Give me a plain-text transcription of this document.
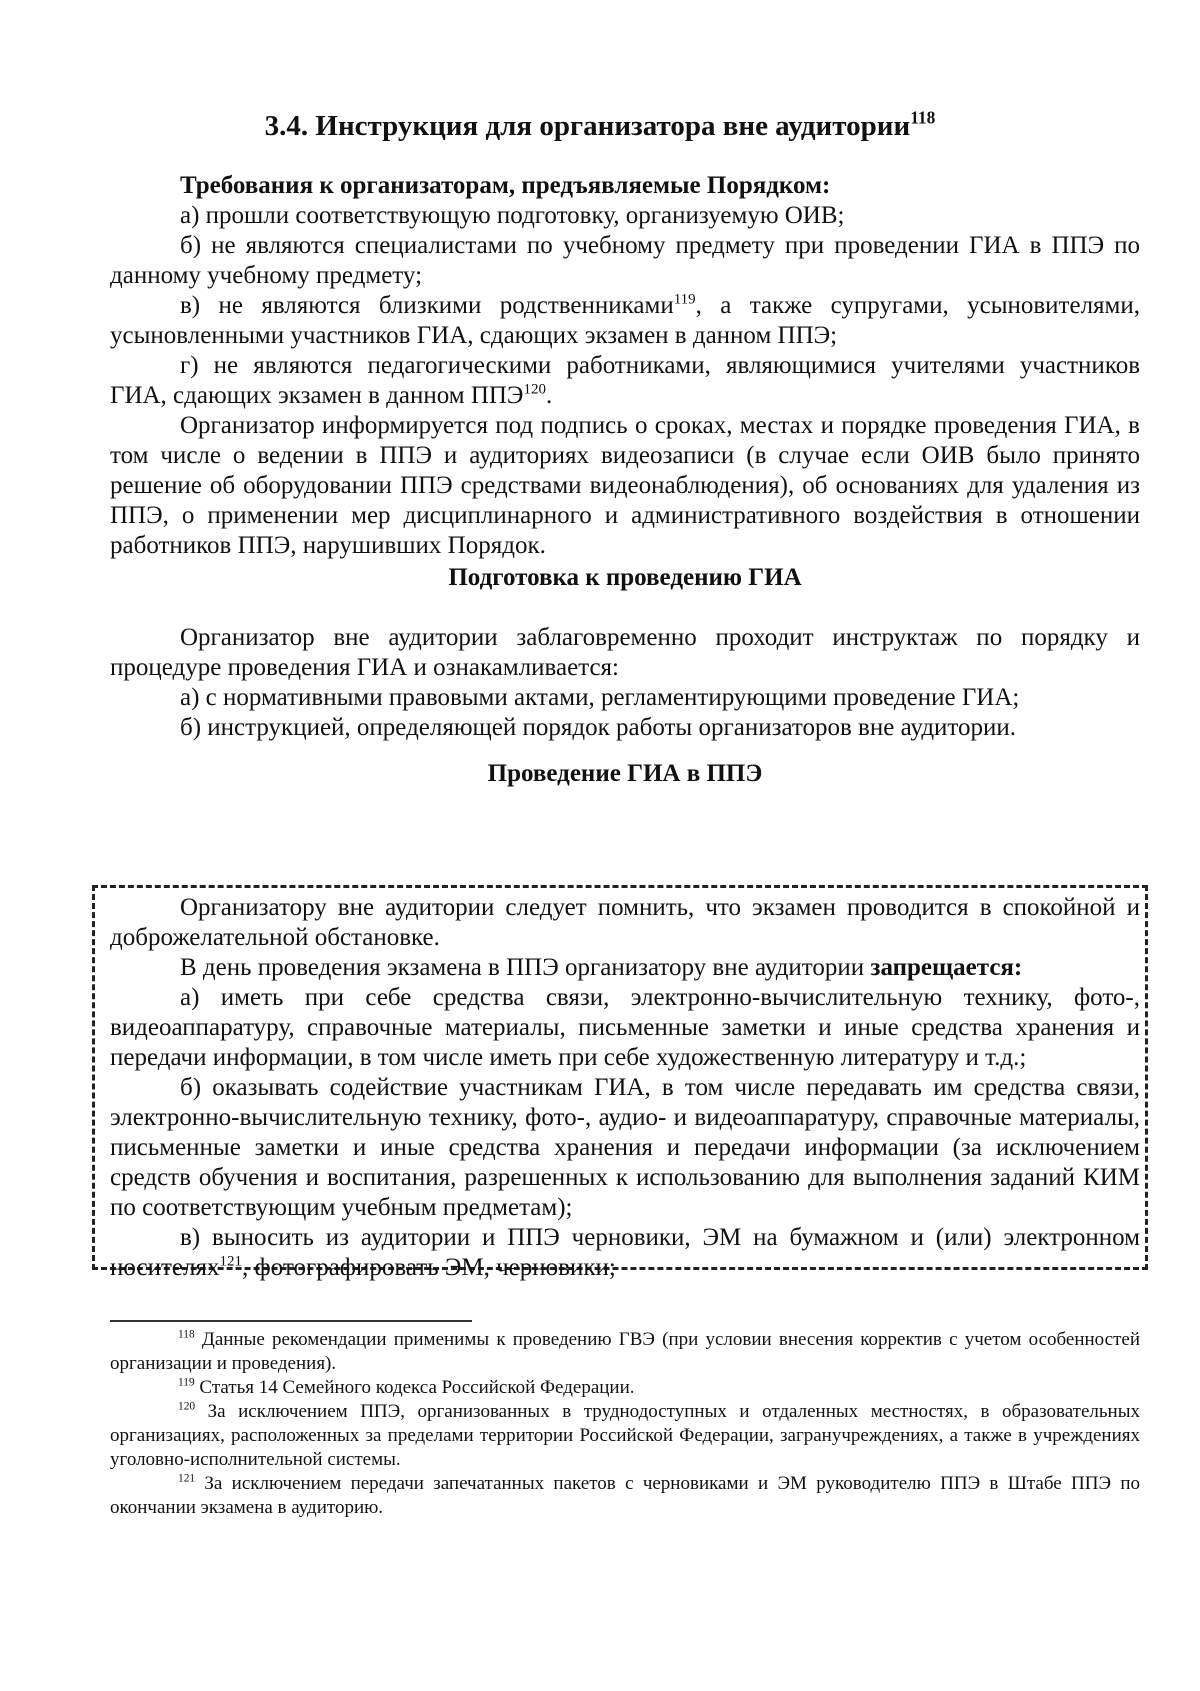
3.4. Инструкция для организатора вне аудитории$^{118}$

Требования к организаторам, предъявляемые Порядком:

а) прошли соответствующую подготовку, организуемую ОИВ;

б) не являются специалистами по учебному предмету при проведении ГИА в ППЭ по данному учебному предмету;

в) не являются близкими родственниками$^{119}$, а также супругами, усыновителями, усыновленными участников ГИА, сдающих экзамен в данном ППЭ;

г) не являются педагогическими работниками, являющимися учителями участников ГИА, сдающих экзамен в данном ППЭ$^{120}$.

Организатор информируется под подпись о сроках, местах и порядке проведения ГИА, в том числе о ведении в ППЭ и аудиториях видеозаписи (в случае если ОИВ было принято решение об оборудовании ППЭ средствами видеонаблюдения), об основаниях для удаления из ППЭ, о применении мер дисциплинарного и административного воздействия в отношении работников ППЭ, нарушивших Порядок.

Подготовка к проведению ГИА

Организатор вне аудитории заблаговременно проходит инструктаж по порядку и процедуре проведения ГИА и ознакамливается:

а) с нормативными правовыми актами, регламентирующими проведение ГИА;

б) инструкцией, определяющей порядок работы организаторов вне аудитории.

Проведение ГИА в ППЭ

Организатору вне аудитории следует помнить, что экзамен проводится в спокойной и доброжелательной обстановке.

В день проведения экзамена в ППЭ организатору вне аудитории запрещается:

а) иметь при себе средства связи, электронно-вычислительную технику, фото-, видеоаппаратуру, справочные материалы, письменные заметки и иные средства хранения и передачи информации, в том числе иметь при себе художественную литературу и т.д.;

б) оказывать содействие участникам ГИА, в том числе передавать им средства связи, электронно-вычислительную технику, фото-, аудио- и видеоаппаратуру, справочные материалы, письменные заметки и иные средства хранения и передачи информации (за исключением средств обучения и воспитания, разрешенных к использованию для выполнения заданий КИМ по соответствующим учебным предметам);

в) выносить из аудитории и ППЭ черновики, ЭМ на бумажном и (или) электронном носителях$^{121}$, фотографировать ЭМ, черновики;

$^{118}$ Данные рекомендации применимы к проведению ГВЭ (при условии внесения корректив с учетом особенностей организации и проведения).

$^{119}$ Статья 14 Семейного кодекса Российской Федерации.

$^{120}$ За исключением ППЭ, организованных в труднодоступных и отдаленных местностях, в образовательных организациях, расположенных за пределами территории Российской Федерации, загранучреждениях, а также в учреждениях уголовно-исполнительной системы.

$^{121}$ За исключением передачи запечатанных пакетов с черновиками и ЭМ руководителю ППЭ в Штабе ППЭ по окончании экзамена в аудиторию.
